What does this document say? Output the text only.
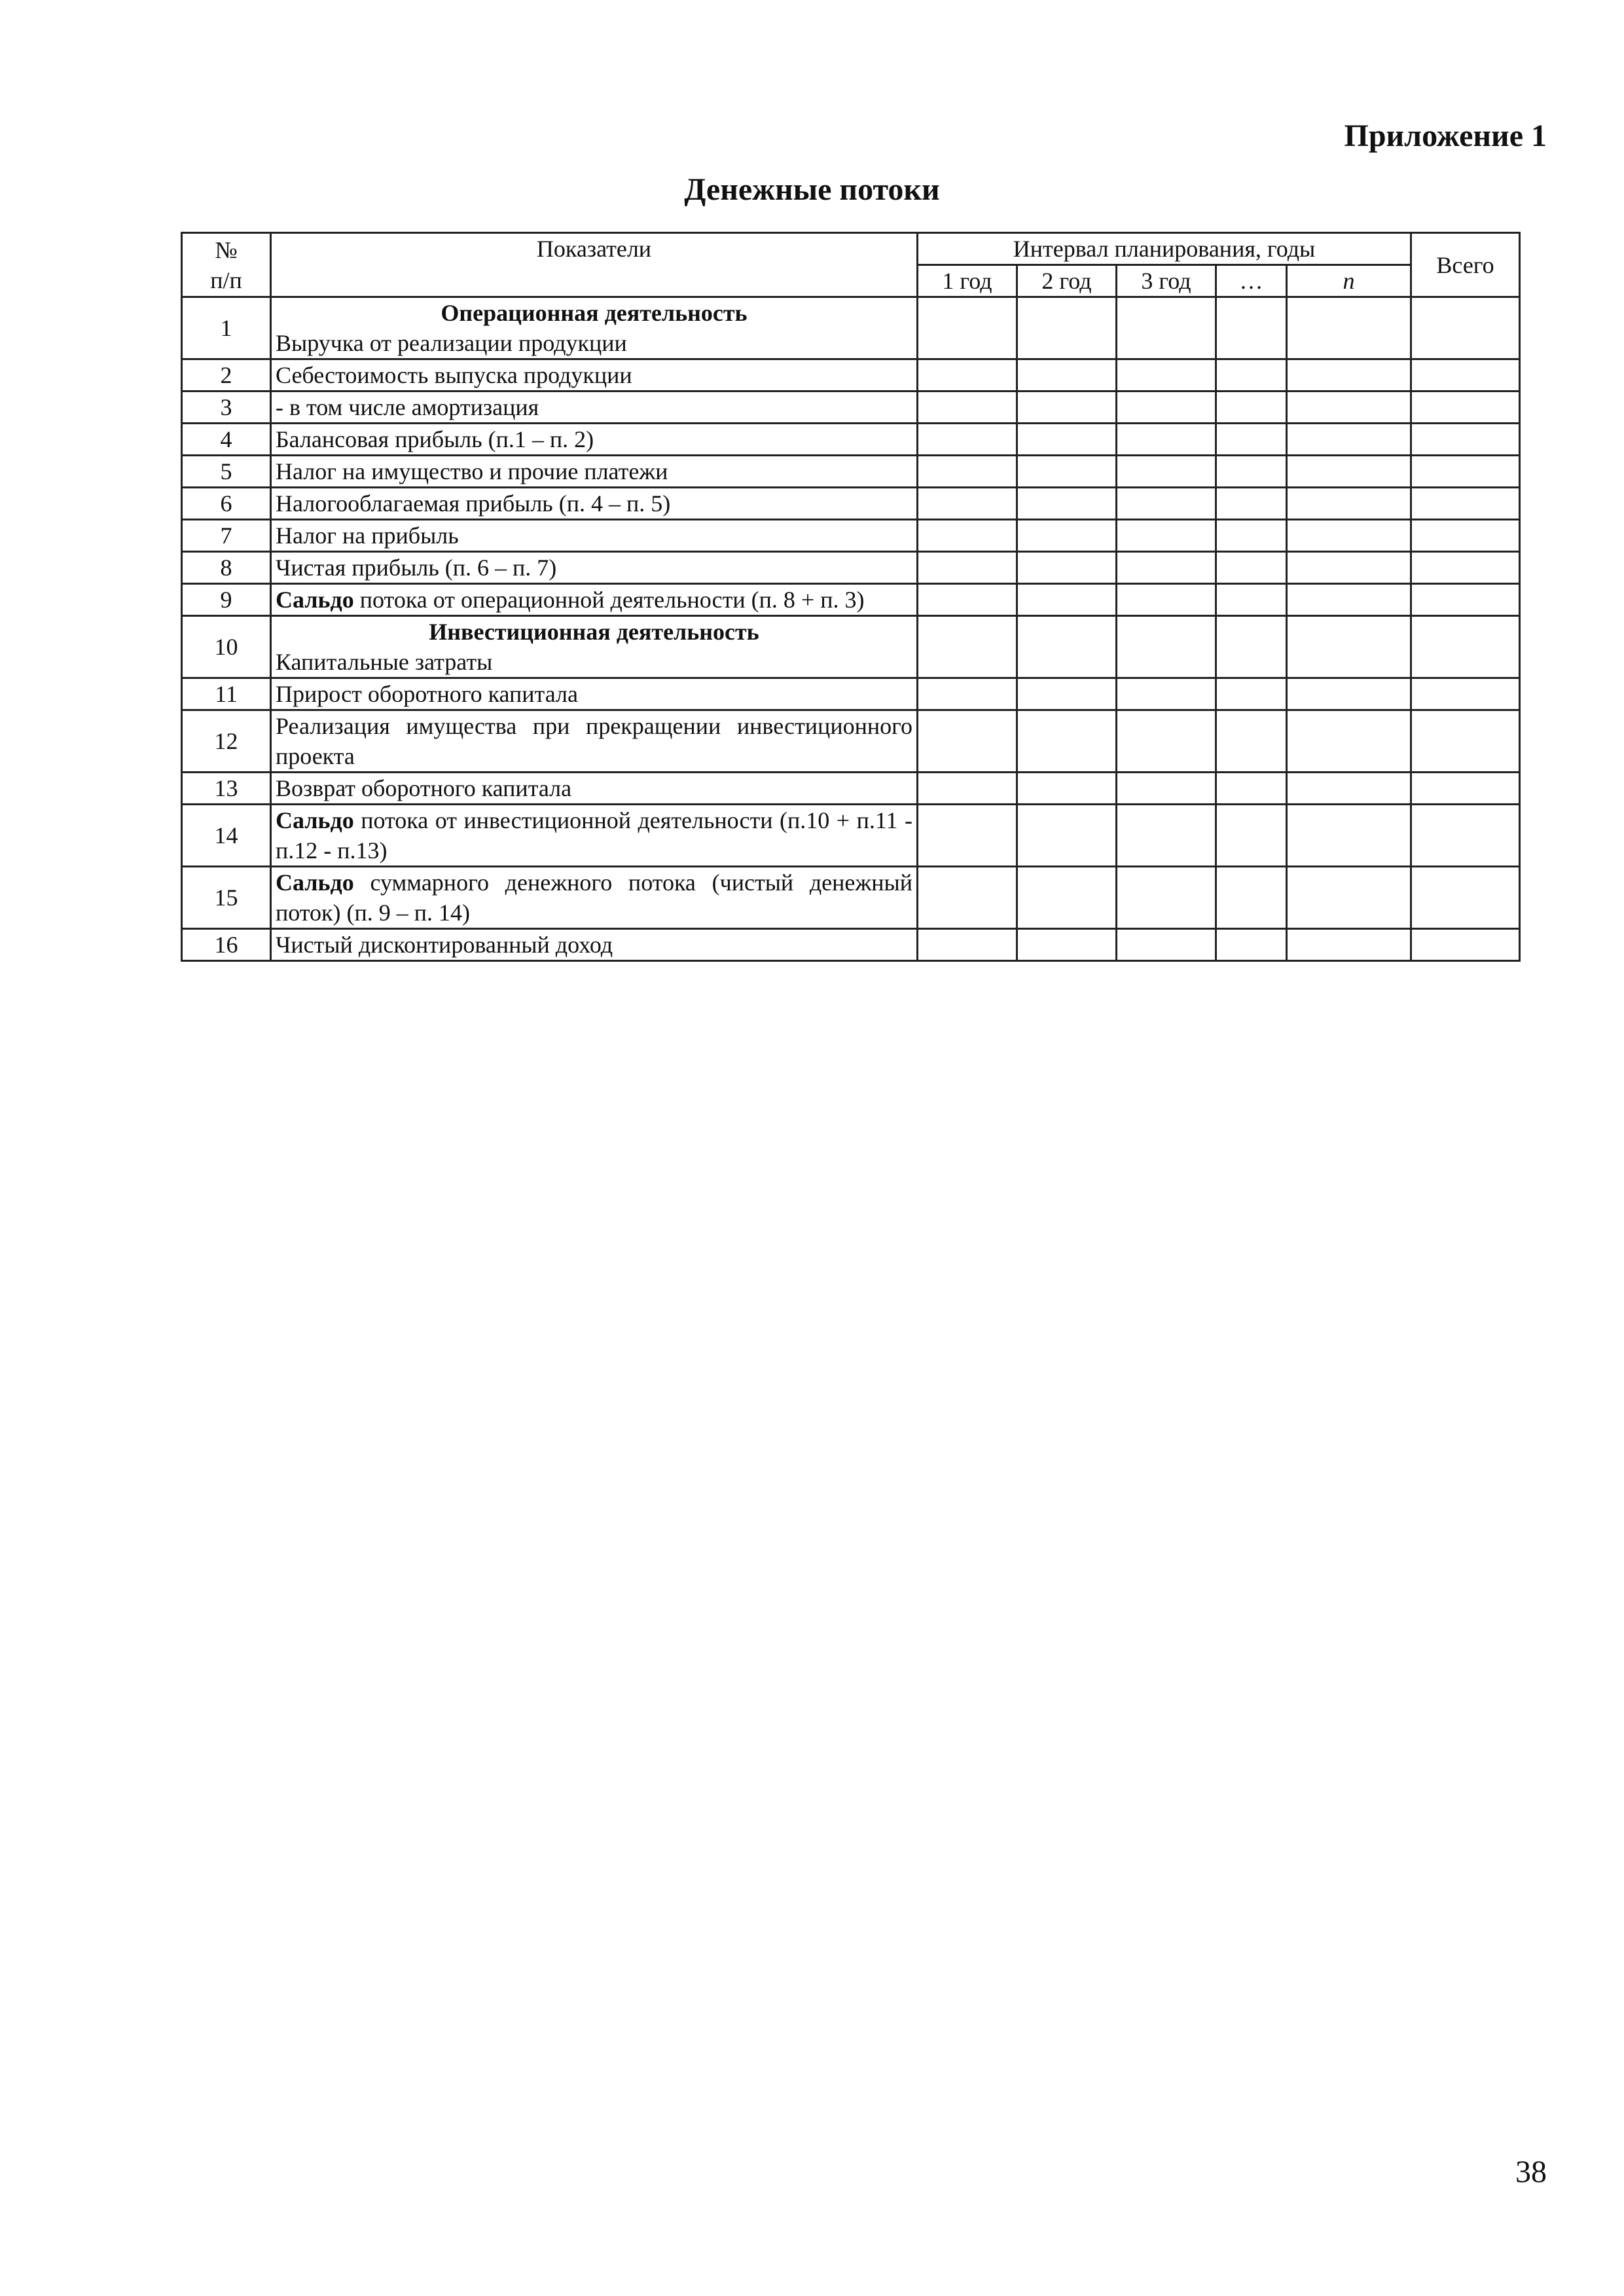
Приложение 1

Денежные потоки
№
п/п	Показатели	Интервал планирования, годы					Всего
		1 год	2 год	3 год	…	n	
1	Операционная деятельность
Выручка от реализации продукции						
2	Себестоимость выпуска продукции						
3	- в том числе амортизация						
4	Балансовая прибыль (п.1 – п. 2)						
5	Налог на имущество и прочие платежи						
6	Налогооблагаемая прибыль (п. 4 – п. 5)						
7	Налог на прибыль						
8	Чистая прибыль (п. 6 – п. 7)						
9	Сальдо потока от операционной деятельности (п. 8 + п. 3)						
10	Инвестиционная деятельность
Капитальные затраты						
11	Прирост оборотного капитала						
12	Реализация имущества при прекращении инвестиционного проекта						
13	Возврат оборотного капитала						
14	Сальдо потока от инвестиционной деятельности (п.10 + п.11 - п.12 - п.13)						
15	Сальдо суммарного денежного потока (чистый денежный поток) (п. 9 – п. 14)						
16	Чистый дисконтированный доход						

38
